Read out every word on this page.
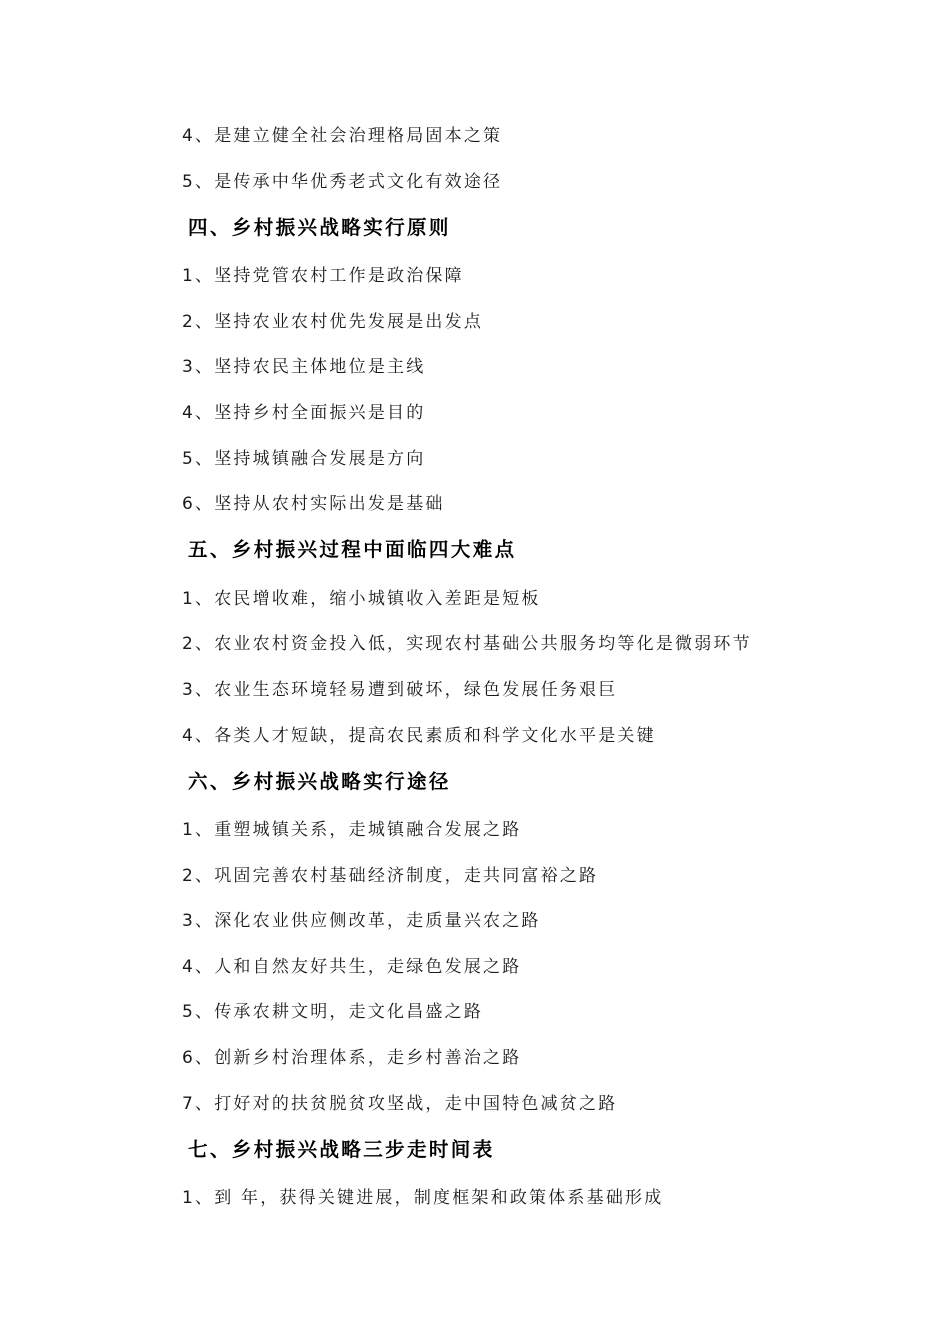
4、是建立健全社会治理格局固本之策
5、是传承中华优秀老式文化有效途径
四、乡村振兴战略实行原则
1、坚持党管农村工作是政治保障
2、坚持农业农村优先发展是出发点
3、坚持农民主体地位是主线
4、坚持乡村全面振兴是目的
5、坚持城镇融合发展是方向
6、坚持从农村实际出发是基础
五、乡村振兴过程中面临四大难点
1、农民增收难，缩小城镇收入差距是短板
2、农业农村资金投入低，实现农村基础公共服务均等化是微弱环节
3、农业生态环境轻易遭到破坏，绿色发展任务艰巨
4、各类人才短缺，提高农民素质和科学文化水平是关键
六、乡村振兴战略实行途径
1、重塑城镇关系，走城镇融合发展之路
2、巩固完善农村基础经济制度，走共同富裕之路
3、深化农业供应侧改革，走质量兴农之路
4、人和自然友好共生，走绿色发展之路
5、传承农耕文明，走文化昌盛之路
6、创新乡村治理体系，走乡村善治之路
7、打好对的扶贫脱贫攻坚战，走中国特色减贫之路
七、乡村振兴战略三步走时间表
1、到 年，获得关键进展，制度框架和政策体系基础形成
